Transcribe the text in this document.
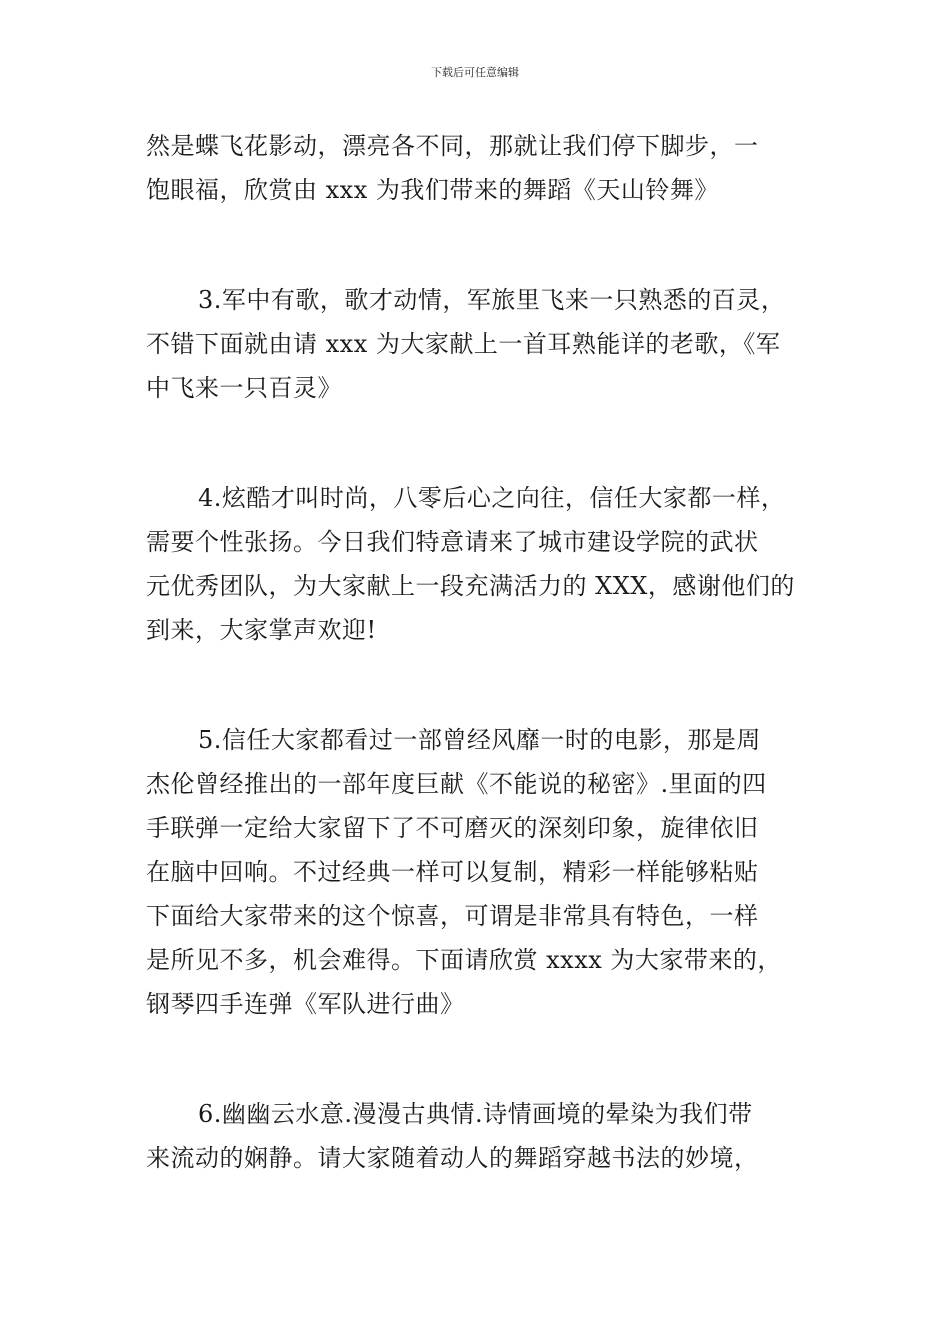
下载后可任意编辑

然是蝶飞花影动，漂亮各不同，那就让我们停下脚步，一
饱眼福，欣赏由 xxx 为我们带来的舞蹈《天山铃舞》

3.军中有歌，歌才动情，军旅里飞来一只熟悉的百灵，
不错下面就由请 xxx 为大家献上一首耳熟能详的老歌，《军
中飞来一只百灵》

4.炫酷才叫时尚，八零后心之向往，信任大家都一样，
需要个性张扬。今日我们特意请来了城市建设学院的武状
元优秀团队，为大家献上一段充满活力的 XXX，感谢他们的
到来，大家掌声欢迎!

5.信任大家都看过一部曾经风靡一时的电影，那是周
杰伦曾经推出的一部年度巨献《不能说的秘密》.里面的四
手联弹一定给大家留下了不可磨灭的深刻印象，旋律依旧
在脑中回响。不过经典一样可以复制，精彩一样能够粘贴
下面给大家带来的这个惊喜，可谓是非常具有特色，一样
是所见不多，机会难得。下面请欣赏 xxxx 为大家带来的，
钢琴四手连弹《军队进行曲》

6.幽幽云水意.漫漫古典情.诗情画境的晕染为我们带
来流动的娴静。请大家随着动人的舞蹈穿越书法的妙境，
